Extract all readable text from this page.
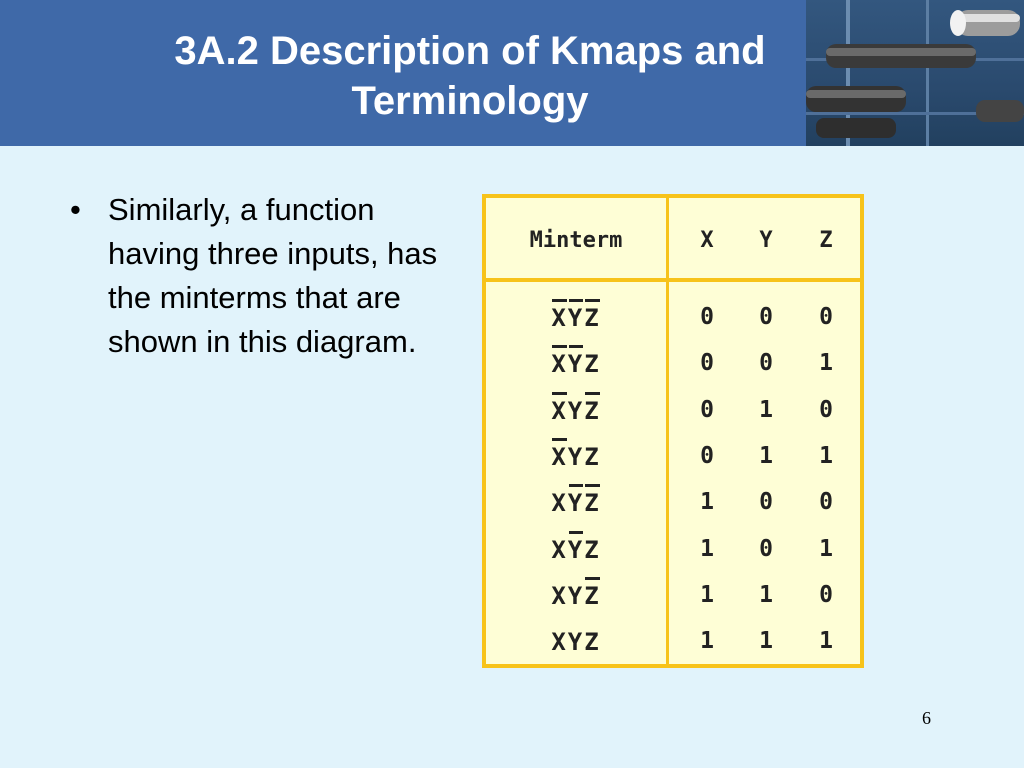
3A.2 Description of Kmaps and
Terminology
• Similarly, a function having three inputs, has the minterms that are shown in this diagram.
Minterm	X	Y	Z
XYZ	0	0	0
XYZ	0	0	1
XYZ	0	1	0
XYZ	0	1	1
XYZ	1	0	0
XYZ	1	0	1
XYZ	1	1	0
XYZ	1	1	1
6
